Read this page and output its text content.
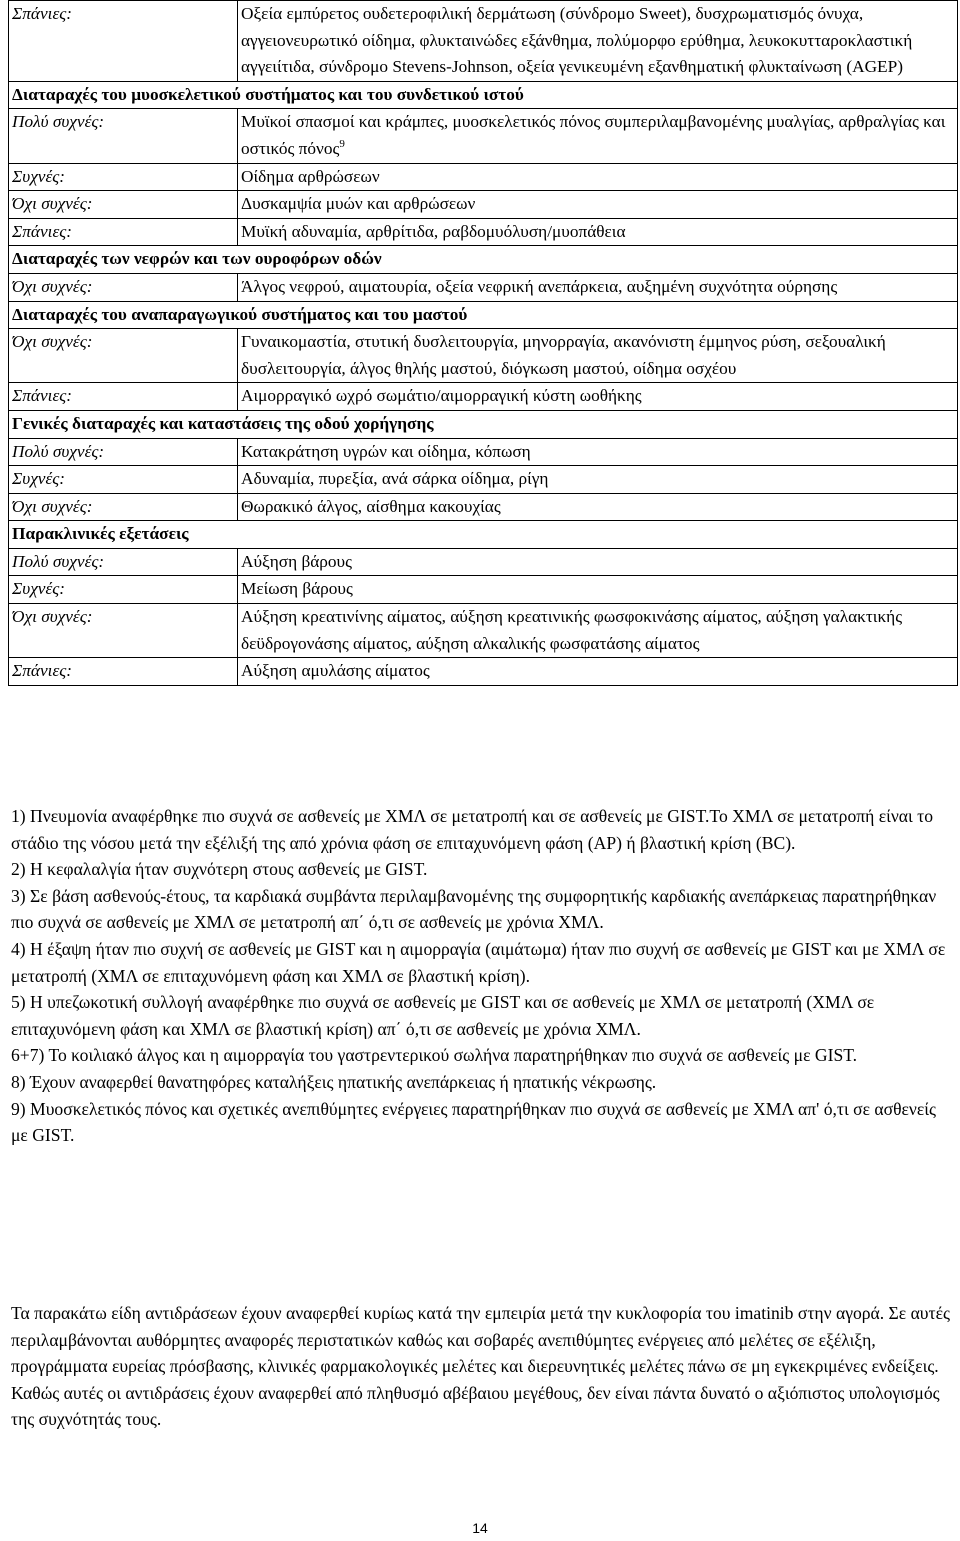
Σπάνιες:	Οξεία εμπύρετος ουδετεροφιλική δερμάτωση (σύνδρομο Sweet), δυσχρωματισμός όνυχα, αγγειονευρωτικό οίδημα, φλυκταινώδες εξάνθημα, πολύμορφο ερύθημα, λευκοκυτταροκλαστική αγγειίτιδα, σύνδρομο Stevens-Johnson, οξεία γενικευμένη εξανθηματική φλυκταίνωση (AGEP)
Διαταραχές του μυοσκελετικού συστήματος και του συνδετικού ιστού	
Πολύ συχνές:	Μυϊκοί σπασμοί και κράμπες, μυοσκελετικός πόνος συμπεριλαμβανομένης μυαλγίας, αρθραλγίας και οστικός πόνος$^9$
Συχνές:	Οίδημα αρθρώσεων
Όχι συχνές:	Δυσκαμψία μυών και αρθρώσεων
Σπάνιες:	Μυϊκή αδυναμία, αρθρίτιδα, ραβδομυόλυση/μυοπάθεια
Διαταραχές των νεφρών και των ουροφόρων οδών	
Όχι συχνές:	Άλγος νεφρού, αιματουρία, οξεία νεφρική ανεπάρκεια, αυξημένη συχνότητα ούρησης
Διαταραχές του αναπαραγωγικού συστήματος και του μαστού	
Όχι συχνές:	Γυναικομαστία, στυτική δυσλειτουργία, μηνορραγία, ακανόνιστη έμμηνος ρύση, σεξουαλική δυσλειτουργία, άλγος θηλής μαστού, διόγκωση μαστού, οίδημα οσχέου
Σπάνιες:	Αιμορραγικό ωχρό σωμάτιο/αιμορραγική κύστη ωοθήκης
Γενικές διαταραχές και καταστάσεις της οδού χορήγησης	
Πολύ συχνές:	Κατακράτηση υγρών και οίδημα, κόπωση
Συχνές:	Αδυναμία, πυρεξία, ανά σάρκα οίδημα, ρίγη
Όχι συχνές:	Θωρακικό άλγος, αίσθημα κακουχίας
Παρακλινικές εξετάσεις	
Πολύ συχνές:	Αύξηση βάρους
Συχνές:	Μείωση βάρους
Όχι συχνές:	Αύξηση κρεατινίνης αίματος, αύξηση κρεατινικής φωσφοκινάσης αίματος, αύξηση γαλακτικής δεϋδρογονάσης αίματος, αύξηση αλκαλικής φωσφατάσης αίματος
Σπάνιες:	Αύξηση αμυλάσης αίματος

1) Πνευμονία αναφέρθηκε πιο συχνά σε ασθενείς με ΧΜΛ σε μετατροπή και σε ασθενείς με GIST.Το ΧΜΛ σε μετατροπή είναι το στάδιο της νόσου μετά την εξέλιξή της από χρόνια φάση σε επιταχυνόμενη φάση (AP) ή βλαστική κρίση (BC).

2) Η κεφαλαλγία ήταν συχνότερη στους ασθενείς με GIST.

3) Σε βάση ασθενούς-έτους, τα καρδιακά συμβάντα περιλαμβανομένης της συμφορητικής καρδιακής ανεπάρκειας παρατηρήθηκαν πιο συχνά σε ασθενείς με ΧΜΛ σε μετατροπή απ΄ ό,τι σε ασθενείς με χρόνια ΧΜΛ.

4) Η έξαψη ήταν πιο συχνή σε ασθενείς με GIST και η αιμορραγία (αιμάτωμα) ήταν πιο συχνή σε ασθενείς με GIST και με ΧΜΛ σε μετατροπή (ΧΜΛ σε επιταχυνόμενη φάση και ΧΜΛ σε βλαστική κρίση).

5) Η υπεζωκοτική συλλογή αναφέρθηκε πιο συχνά σε ασθενείς με GIST και σε ασθενείς με ΧΜΛ σε μετατροπή (ΧΜΛ σε επιταχυνόμενη φάση και ΧΜΛ σε βλαστική κρίση) απ΄ ό,τι σε ασθενείς με χρόνια ΧΜΛ.

6+7) Το κοιλιακό άλγος και η αιμορραγία του γαστρεντερικού σωλήνα παρατηρήθηκαν πιο συχνά σε ασθενείς με GIST.

8) Έχουν αναφερθεί θανατηφόρες καταλήξεις ηπατικής ανεπάρκειας ή ηπατικής νέκρωσης.

9) Μυοσκελετικός πόνος και σχετικές ανεπιθύμητες ενέργειες παρατηρήθηκαν πιο συχνά σε ασθενείς με ΧΜΛ απ' ό,τι σε ασθενείς με GIST.

Τα παρακάτω είδη αντιδράσεων έχουν αναφερθεί κυρίως κατά την εμπειρία μετά την κυκλοφορία του imatinib στην αγορά. Σε αυτές περιλαμβάνονται αυθόρμητες αναφορές περιστατικών καθώς και σοβαρές ανεπιθύμητες ενέργειες από μελέτες σε εξέλιξη, προγράμματα ευρείας πρόσβασης, κλινικές φαρμακολογικές μελέτες και διερευνητικές μελέτες πάνω σε μη εγκεκριμένες ενδείξεις. Καθώς αυτές οι αντιδράσεις έχουν αναφερθεί από πληθυσμό αβέβαιου μεγέθους, δεν είναι πάντα δυνατό ο αξιόπιστος υπολογισμός της συχνότητάς τους.

14
